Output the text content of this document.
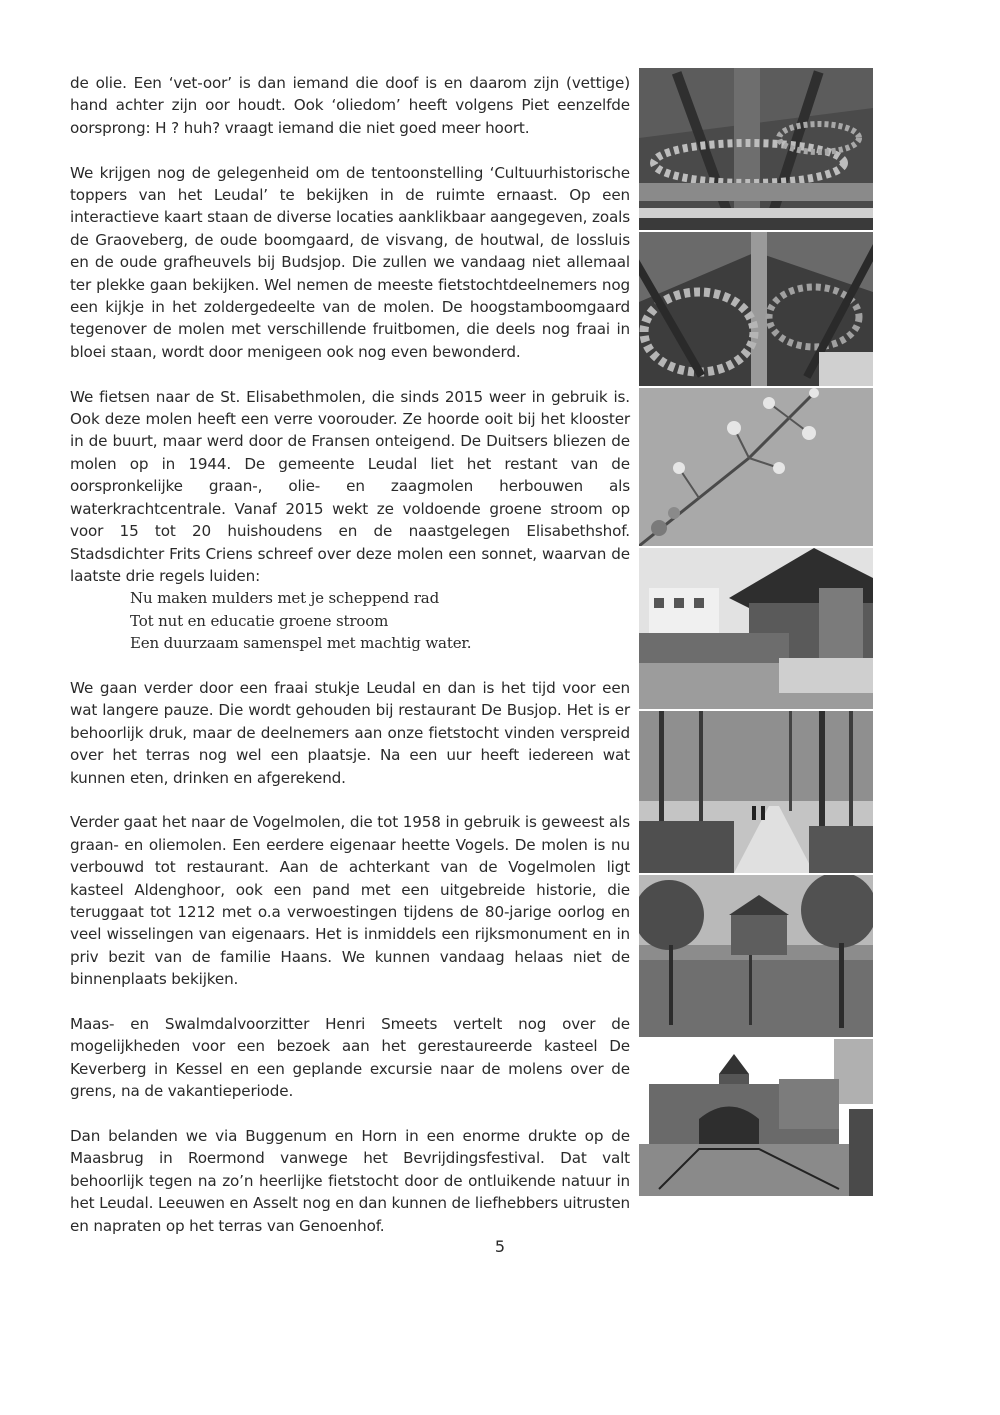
de olie. Een ‘vet-oor’ is dan iemand die doof is en daarom zijn (vettige) hand achter zijn oor houdt. Ook ‘oliedom’ heeft volgens Piet eenzelfde oorsprong: H ? huh? vraagt iemand die niet goed meer hoort.

We krijgen nog de gelegenheid om de tentoonstelling ‘Cultuurhistorische toppers van het Leudal’ te bekijken in de ruimte ernaast. Op een interactieve kaart staan de diverse locaties aanklikbaar aangegeven, zoals de Graoveberg, de oude boomgaard, de visvang, de houtwal, de lossluis en de oude grafheuvels bij Budsjop. Die zullen we vandaag niet allemaal ter plekke gaan bekijken. Wel nemen de meeste fietstochtdeelnemers nog een kijkje in het zoldergedeelte van de molen. De hoogstamboomgaard tegenover de molen met verschillende fruitbomen, die deels nog fraai in bloei staan, wordt door menigeen ook nog even bewonderd.

We fietsen naar de St. Elisabethmolen, die sinds 2015 weer in gebruik is. Ook deze molen heeft een verre voorouder. Ze hoorde ooit bij het klooster in de buurt, maar werd door de Fransen onteigend. De Duitsers bliezen de molen op in 1944. De gemeente Leudal liet het restant van de oorspronkelijke graan-, olie- en zaagmolen herbouwen als waterkrachtcentrale. Vanaf 2015 wekt ze voldoende groene stroom op voor 15 tot 20 huishoudens en de naastgelegen Elisabethshof. Stadsdichter Frits Criens schreef over deze molen een sonnet, waarvan de laatste drie regels luiden:

Nu maken mulders met je scheppend rad
Tot nut en educatie groene stroom
Een duurzaam samenspel met machtig water.

We gaan verder door een fraai stukje Leudal en dan is het tijd voor een wat langere pauze. Die wordt gehouden bij restaurant De Busjop. Het is er behoorlijk druk, maar de deelnemers aan onze fietstocht vinden verspreid over het terras nog wel een plaatsje. Na een uur heeft iedereen wat kunnen eten, drinken en afgerekend.

Verder gaat het naar de Vogelmolen, die tot 1958 in gebruik is geweest als graan- en oliemolen. Een eerdere eigenaar heette Vogels. De molen is nu verbouwd tot restaurant. Aan de achterkant van de Vogelmolen ligt kasteel Aldenghoor, ook een pand met een uitgebreide historie, die teruggaat tot 1212 met o.a verwoestingen tijdens de 80-jarige oorlog en veel wisselingen van eigenaars. Het is inmiddels een rijksmonument en in priv bezit van de familie Haans. We kunnen vandaag helaas niet de binnenplaats bekijken.

Maas- en Swalmdalvoorzitter Henri Smeets vertelt nog over de mogelijkheden voor een bezoek aan het gerestaureerde kasteel De Keverberg in Kessel en een geplande excursie naar de molens over de grens, na de vakantieperiode.

Dan belanden we via Buggenum en Horn in een enorme drukte op de Maasbrug in Roermond vanwege het Bevrijdingsfestival. Dat valt behoorlijk tegen na zo’n heerlijke fietstocht door de ontluikende natuur in het Leudal. Leeuwen en Asselt nog en dan kunnen de liefhebbers uitrusten en napraten op het terras van Genoenhof.

5
